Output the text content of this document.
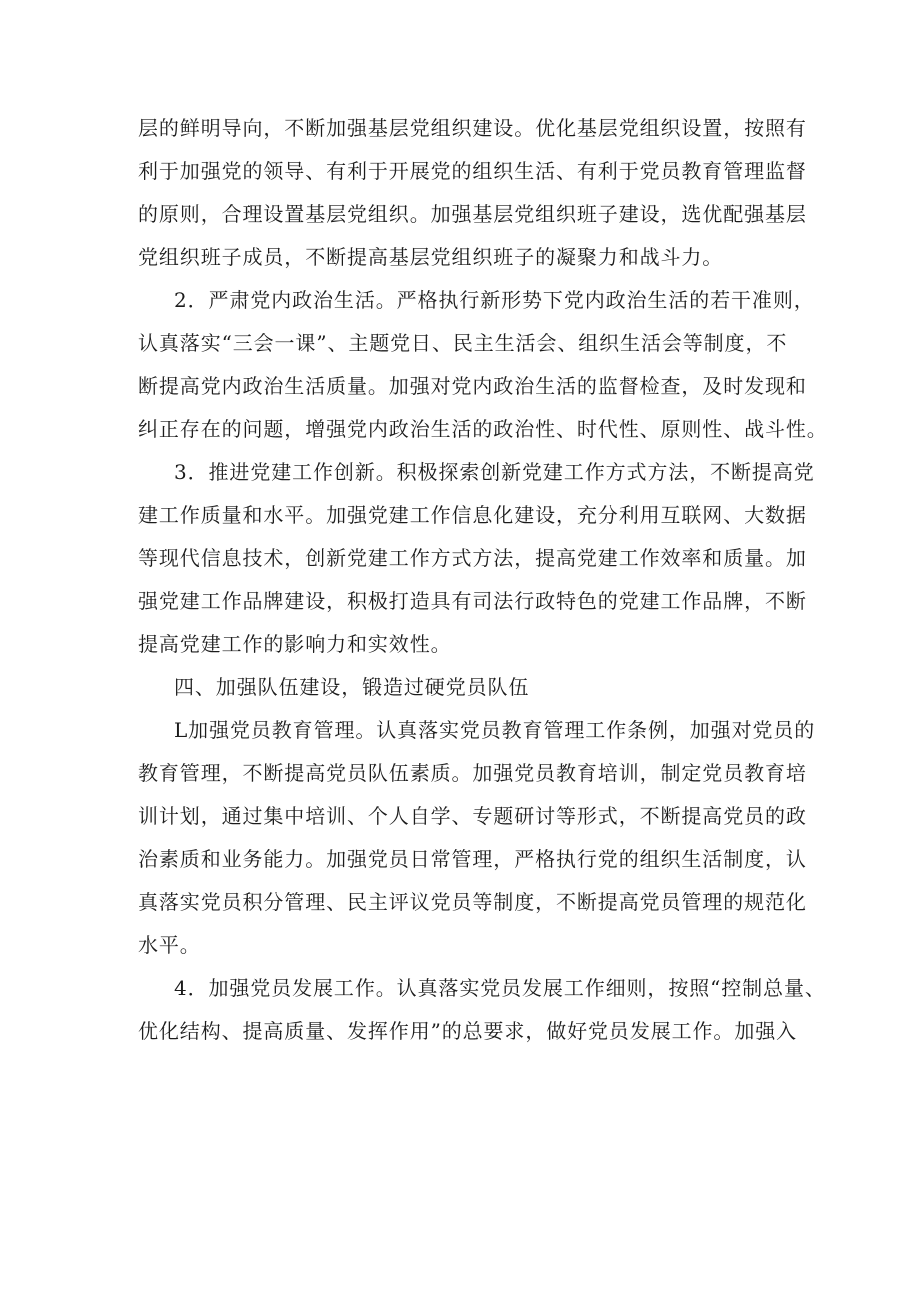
层的鲜明导向，不断加强基层党组织建设。优化基层党组织设置，按照有

利于加强党的领导、有利于开展党的组织生活、有利于党员教育管理监督

的原则，合理设置基层党组织。加强基层党组织班子建设，选优配强基层

党组织班子成员，不断提高基层党组织班子的凝聚力和战斗力。

2．严肃党内政治生活。严格执行新形势下党内政治生活的若干准则，

认真落实“三会一课”、主题党日、民主生活会、组织生活会等制度，不

断提高党内政治生活质量。加强对党内政治生活的监督检查，及时发现和

纠正存在的问题，增强党内政治生活的政治性、时代性、原则性、战斗性。

3．推进党建工作创新。积极探索创新党建工作方式方法，不断提高党

建工作质量和水平。加强党建工作信息化建设，充分利用互联网、大数据

等现代信息技术，创新党建工作方式方法，提高党建工作效率和质量。加

强党建工作品牌建设，积极打造具有司法行政特色的党建工作品牌，不断

提高党建工作的影响力和实效性。

四、加强队伍建设，锻造过硬党员队伍

L加强党员教育管理。认真落实党员教育管理工作条例，加强对党员的

教育管理，不断提高党员队伍素质。加强党员教育培训，制定党员教育培

训计划，通过集中培训、个人自学、专题研讨等形式，不断提高党员的政

治素质和业务能力。加强党员日常管理，严格执行党的组织生活制度，认

真落实党员积分管理、民主评议党员等制度，不断提高党员管理的规范化

水平。

4．加强党员发展工作。认真落实党员发展工作细则，按照“控制总量、

优化结构、提高质量、发挥作用”的总要求，做好党员发展工作。加强入
